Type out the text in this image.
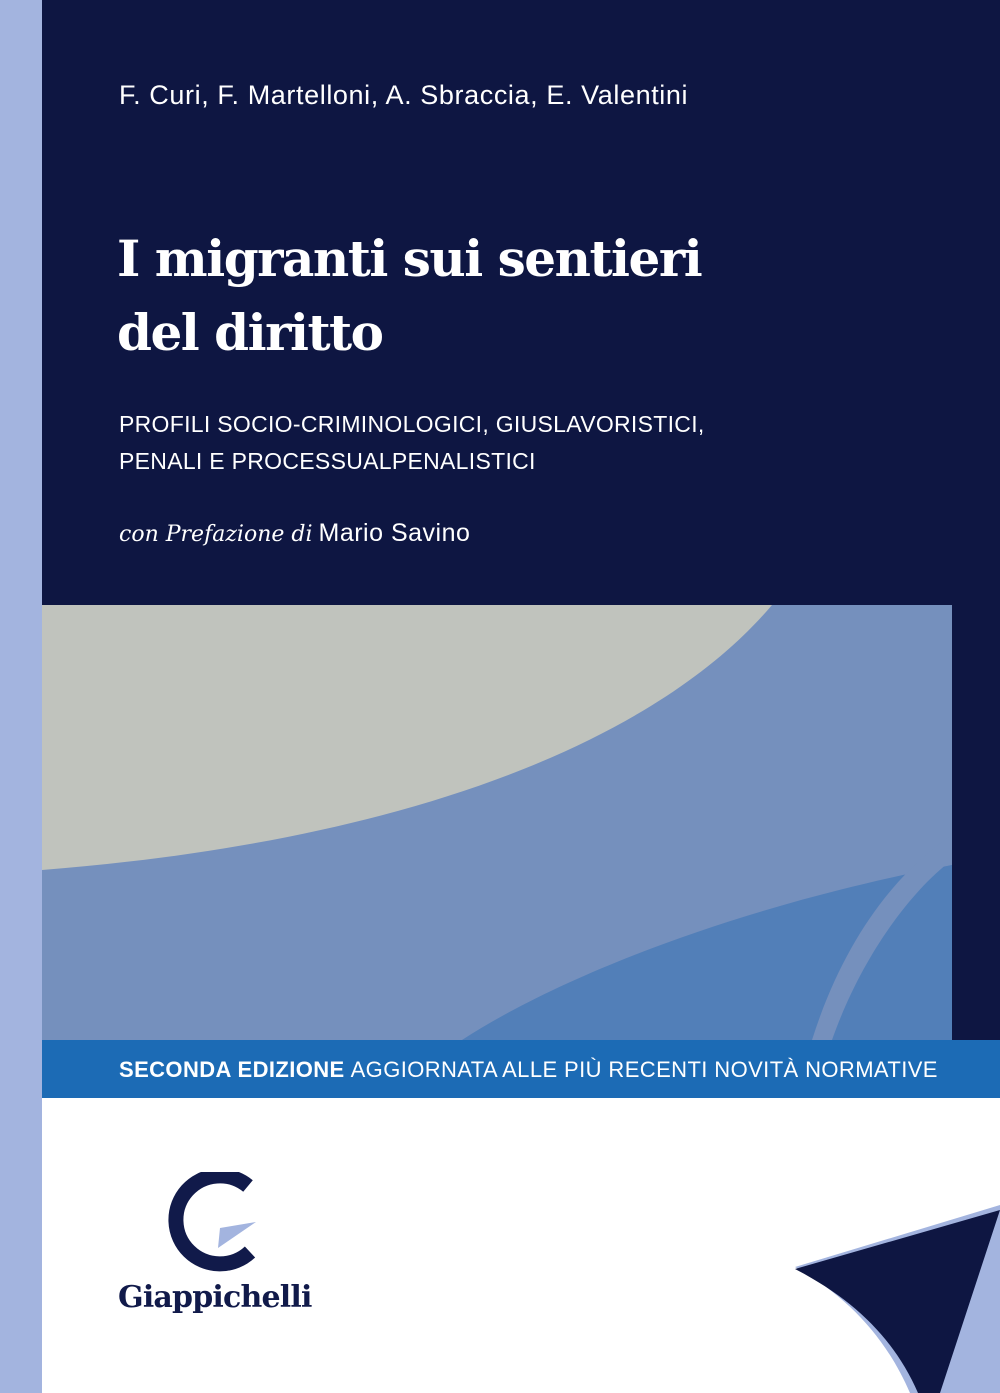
F. Curi, F. Martelloni, A. Sbraccia, E. Valentini

I migranti sui sentieri
del diritto

PROFILI SOCIO-CRIMINOLOGICI, GIUSLAVORISTICI,
PENALI E PROCESSUALPENALISTICI

con Prefazione di Mario Savino
SECONDA EDIZIONE AGGIORNATA ALLE PIÙ RECENTI NOVITÀ NORMATIVE

Giappichelli
